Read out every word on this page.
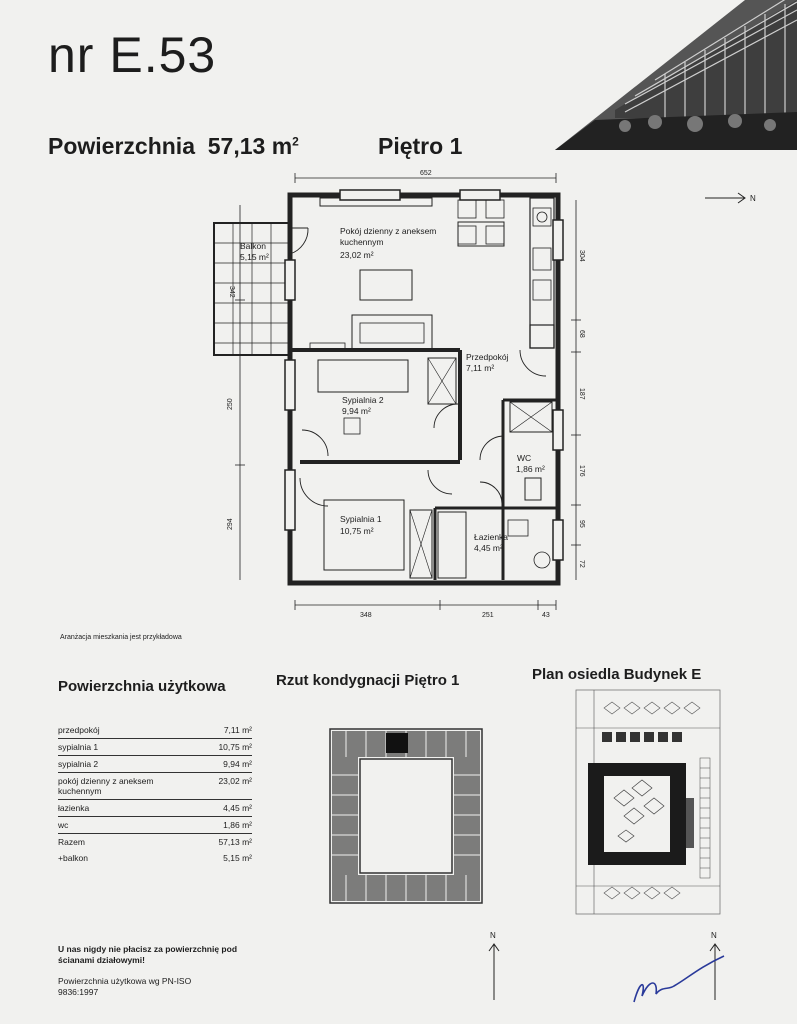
nr E.53
Powierzchnia 57,13 $m^2$	Piętro 1
652
342
250
294
304
68
187
176
95
72
348	251	43
Pokój dzienny z aneksem
kuchennym
23,02 m²
Balkon
5,15 m²
Przedpokój
7,11 m²
Sypialnia 2
9,94 m²
WC
1,86 m²
Sypialnia 1
10,75 m²
Łazienka
4,45 m²
N
Aranżacja mieszkania jest przykładowa
Powierzchnia użytkowa
przedpokój	7,11 m²
sypialnia 1	10,75 m²
sypialnia 2	9,94 m²
pokój dzienny z aneksem kuchennym	23,02 m²
łazienka	4,45 m²
wc	1,86 m²
Razem	57,13 m²
+balkon	5,15 m²
Rzut kondygnacji Piętro 1	Plan osiedla Budynek E
N	N
U nas nigdy nie płacisz za powierzchnię pod
ścianami działowymi!
Powierzchnia użytkowa wg PN-ISO
9836:1997
